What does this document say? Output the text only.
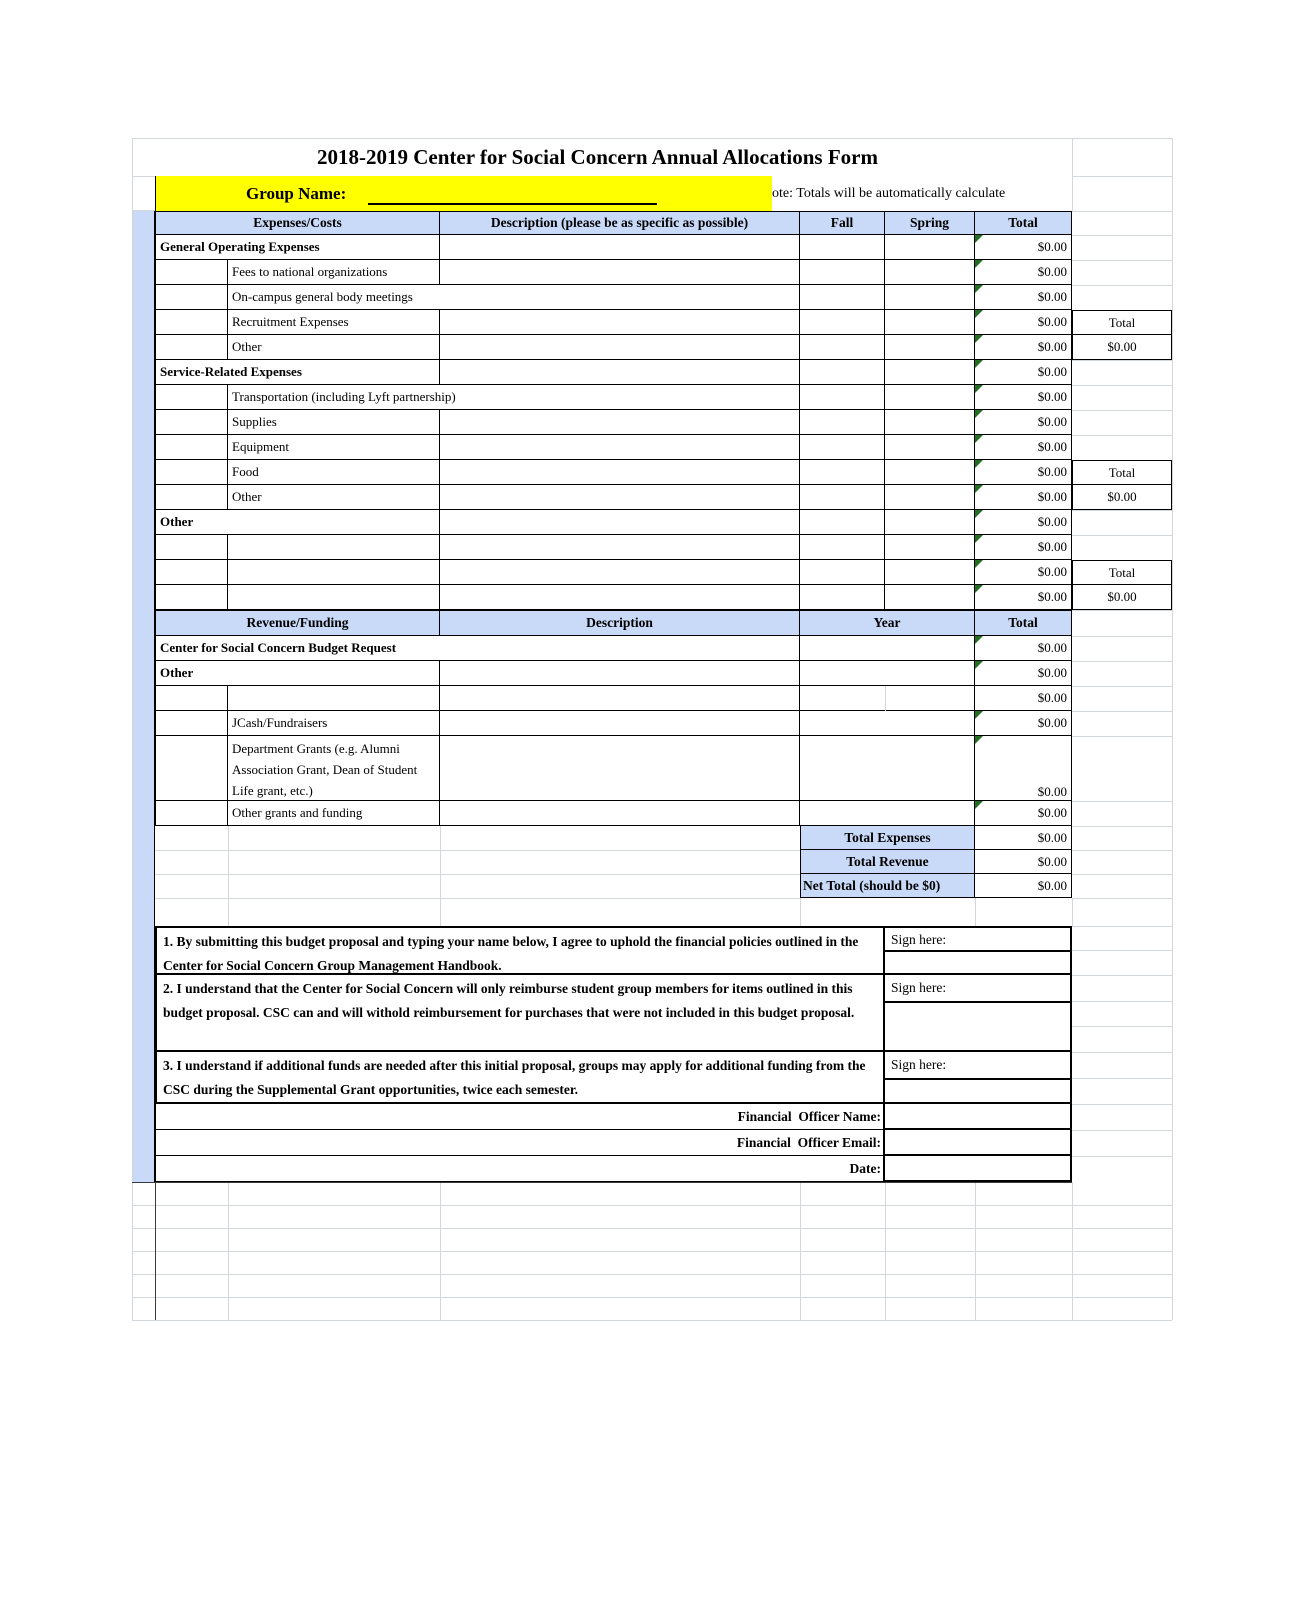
2018-2019 Center for Social Concern Annual Allocations Form
Group Name:	ote: Totals will be automatically calculate
Expenses/Costs	Description (please be as specific as possible)	Fall	Spring	Total
Revenue/Funding	Description	Year	Total
Total Expenses	$0.00
Total Revenue	$0.00
Net Total (should be $0)	$0.00
1. By submitting this budget proposal and typing your name below, I agree to uphold the financial policies outlined in the Center for Social Concern Group Management Handbook.
Sign here:
2. I understand that the Center for Social Concern will only reimburse student group members for items outlined in this budget proposal. CSC can and will withold reimbursement for purchases that were not included in this budget proposal.
Sign here:
3. I understand if additional funds are needed after this initial proposal, groups may apply for additional funding from the CSC during the Supplemental Grant opportunities, twice each semester.
Sign here:
Financial  Officer Name:
Financial  Officer Email:
Date:
General Operating Expenses	$0.00
Fees to national organizations	$0.00
On-campus general body meetings	$0.00
Recruitment Expenses	$0.00	Total
Other	$0.00	$0.00
Service-Related Expenses	$0.00
Transportation (including Lyft partnership)	$0.00
Supplies	$0.00
Equipment	$0.00
Food	$0.00	Total
Other	$0.00	$0.00
Other	$0.00
$0.00
$0.00	Total
$0.00	$0.00
Center for Social Concern Budget Request	$0.00
Other	$0.00
$0.00
JCash/Fundraisers	$0.00
Department Grants (e.g. Alumni Association Grant, Dean of Student Life grant, etc.)	$0.00
Other grants and funding	$0.00
